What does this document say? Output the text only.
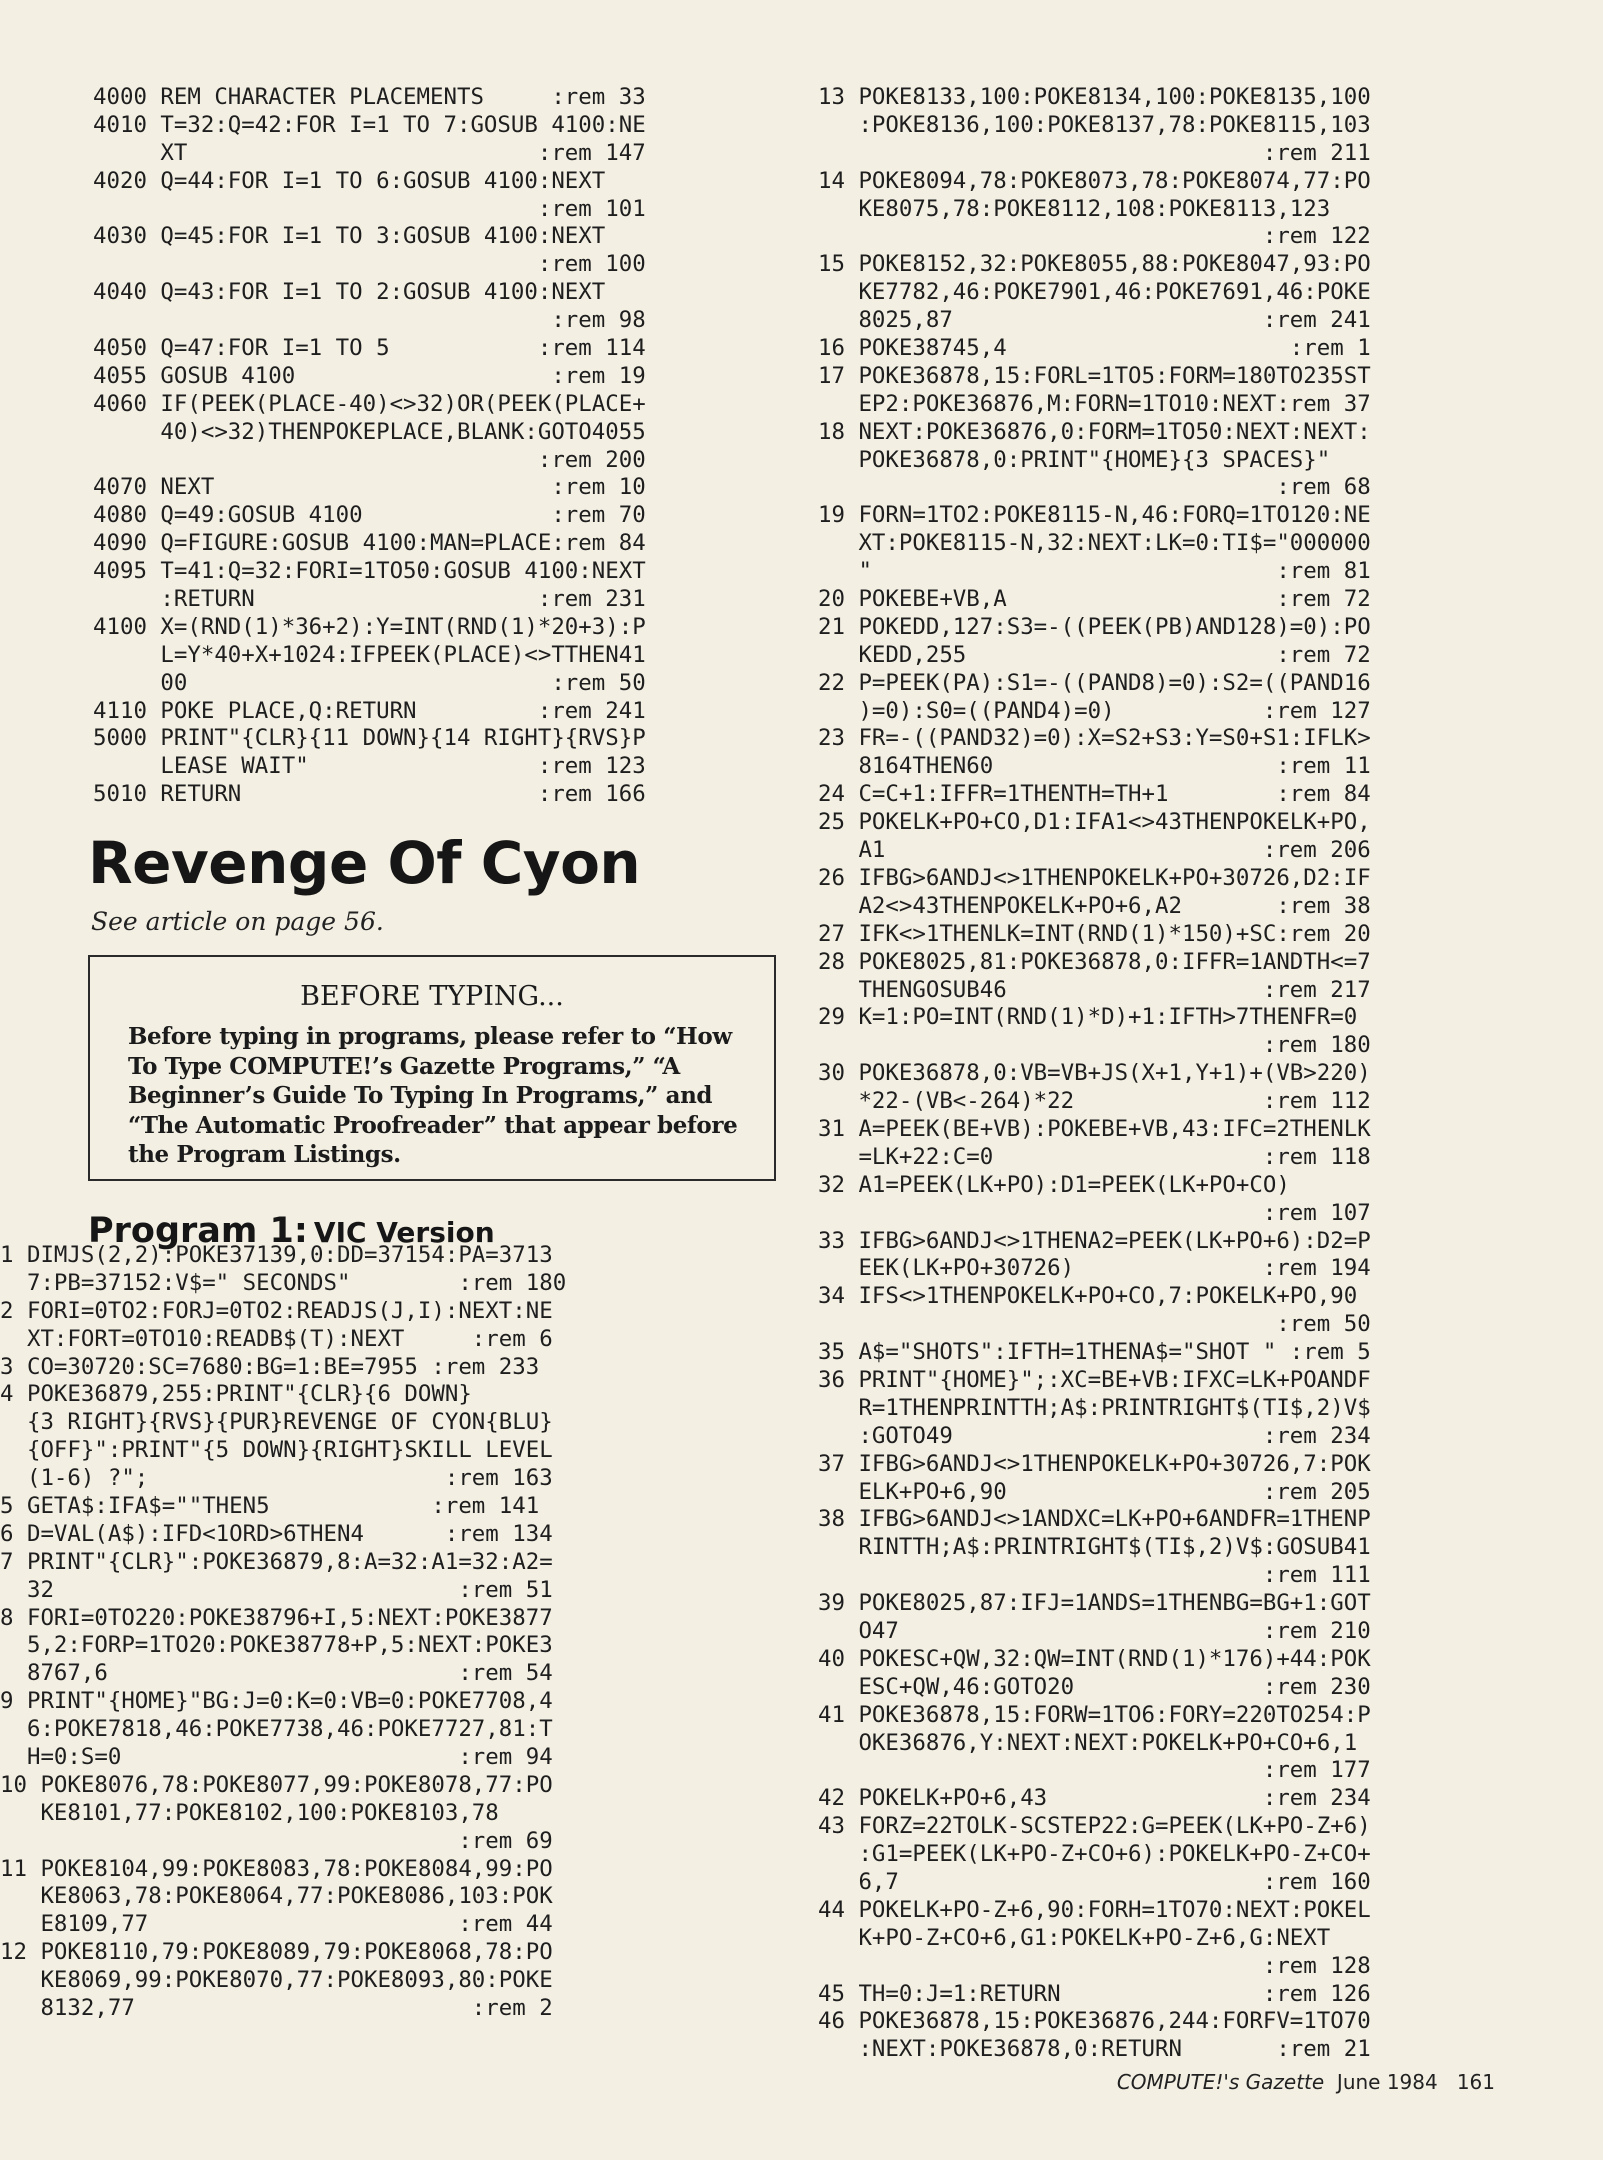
4000 REM CHARACTER PLACEMENTS     :rem 33
4010 T=32:Q=42:FOR I=1 TO 7:GOSUB 4100:NE
XT                          :rem 147
4020 Q=44:FOR I=1 TO 6:GOSUB 4100:NEXT
:rem 101
4030 Q=45:FOR I=1 TO 3:GOSUB 4100:NEXT
:rem 100
4040 Q=43:FOR I=1 TO 2:GOSUB 4100:NEXT
:rem 98
4050 Q=47:FOR I=1 TO 5           :rem 114
4055 GOSUB 4100                   :rem 19
4060 IF(PEEK(PLACE-40)<>32)OR(PEEK(PLACE+
40)<>32)THENPOKEPLACE,BLANK:GOTO4055
:rem 200
4070 NEXT                         :rem 10
4080 Q=49:GOSUB 4100              :rem 70
4090 Q=FIGURE:GOSUB 4100:MAN=PLACE:rem 84
4095 T=41:Q=32:FORI=1TO50:GOSUB 4100:NEXT
:RETURN                     :rem 231
4100 X=(RND(1)*36+2):Y=INT(RND(1)*20+3):P
L=Y*40+X+1024:IFPEEK(PLACE)<>TTHEN41
00                           :rem 50
4110 POKE PLACE,Q:RETURN         :rem 241
5000 PRINT"{CLR}{11 DOWN}{14 RIGHT}{RVS}P
LEASE WAIT"                 :rem 123
5010 RETURN                      :rem 166
Revenge Of Cyon
See article on page 56.
BEFORE TYPING...
Before typing in programs, please refer to “How To Type COMPUTE!’s Gazette Programs,” “A Beginner’s Guide To Typing In Programs,” and “The Automatic Proofreader” that appear before the Program Listings.
Program 1: VIC Version
1 DIMJS(2,2):POKE37139,0:DD=37154:PA=3713
7:PB=37152:V$=" SECONDS"        :rem 180
2 FORI=0TO2:FORJ=0TO2:READJS(J,I):NEXT:NE
XT:FORT=0TO10:READB$(T):NEXT     :rem 6
3 CO=30720:SC=7680:BG=1:BE=7955 :rem 233
4 POKE36879,255:PRINT"{CLR}{6 DOWN}
{3 RIGHT}{RVS}{PUR}REVENGE OF CYON{BLU}
{OFF}":PRINT"{5 DOWN}{RIGHT}SKILL LEVEL
(1-6) ?";                      :rem 163
5 GETA$:IFA$=""THEN5            :rem 141
6 D=VAL(A$):IFD<1ORD>6THEN4      :rem 134
7 PRINT"{CLR}":POKE36879,8:A=32:A1=32:A2=
32                              :rem 51
8 FORI=0TO220:POKE38796+I,5:NEXT:POKE3877
5,2:FORP=1TO20:POKE38778+P,5:NEXT:POKE3
8767,6                          :rem 54
9 PRINT"{HOME}"BG:J=0:K=0:VB=0:POKE7708,4
6:POKE7818,46:POKE7738,46:POKE7727,81:T
H=0:S=0                         :rem 94
10 POKE8076,78:POKE8077,99:POKE8078,77:PO
KE8101,77:POKE8102,100:POKE8103,78
:rem 69
11 POKE8104,99:POKE8083,78:POKE8084,99:PO
KE8063,78:POKE8064,77:POKE8086,103:POK
E8109,77                       :rem 44
12 POKE8110,79:POKE8089,79:POKE8068,78:PO
KE8069,99:POKE8070,77:POKE8093,80:POKE
8132,77                         :rem 2
13 POKE8133,100:POKE8134,100:POKE8135,100
:POKE8136,100:POKE8137,78:POKE8115,103
:rem 211
14 POKE8094,78:POKE8073,78:POKE8074,77:PO
KE8075,78:POKE8112,108:POKE8113,123
:rem 122
15 POKE8152,32:POKE8055,88:POKE8047,93:PO
KE7782,46:POKE7901,46:POKE7691,46:POKE
8025,87                       :rem 241
16 POKE38745,4                     :rem 1
17 POKE36878,15:FORL=1TO5:FORM=180TO235ST
EP2:POKE36876,M:FORN=1TO10:NEXT:rem 37
18 NEXT:POKE36876,0:FORM=1TO50:NEXT:NEXT:
POKE36878,0:PRINT"{HOME}{3 SPACES}"
:rem 68
19 FORN=1TO2:POKE8115-N,46:FORQ=1TO120:NE
XT:POKE8115-N,32:NEXT:LK=0:TI$="000000
"                              :rem 81
20 POKEBE+VB,A                    :rem 72
21 POKEDD,127:S3=-((PEEK(PB)AND128)=0):PO
KEDD,255                       :rem 72
22 P=PEEK(PA):S1=-((PAND8)=0):S2=((PAND16
)=0):S0=((PAND4)=0)           :rem 127
23 FR=-((PAND32)=0):X=S2+S3:Y=S0+S1:IFLK>
8164THEN60                     :rem 11
24 C=C+1:IFFR=1THENTH=TH+1        :rem 84
25 POKELK+PO+CO,D1:IFA1<>43THENPOKELK+PO,
A1                            :rem 206
26 IFBG>6ANDJ<>1THENPOKELK+PO+30726,D2:IF
A2<>43THENPOKELK+PO+6,A2       :rem 38
27 IFK<>1THENLK=INT(RND(1)*150)+SC:rem 20
28 POKE8025,81:POKE36878,0:IFFR=1ANDTH<=7
THENGOSUB46                   :rem 217
29 K=1:PO=INT(RND(1)*D)+1:IFTH>7THENFR=0
:rem 180
30 POKE36878,0:VB=VB+JS(X+1,Y+1)+(VB>220)
*22-(VB<-264)*22              :rem 112
31 A=PEEK(BE+VB):POKEBE+VB,43:IFC=2THENLK
=LK+22:C=0                    :rem 118
32 A1=PEEK(LK+PO):D1=PEEK(LK+PO+CO)
:rem 107
33 IFBG>6ANDJ<>1THENA2=PEEK(LK+PO+6):D2=P
EEK(LK+PO+30726)              :rem 194
34 IFS<>1THENPOKELK+PO+CO,7:POKELK+PO,90
:rem 50
35 A$="SHOTS":IFTH=1THENA$="SHOT " :rem 5
36 PRINT"{HOME}";:XC=BE+VB:IFXC=LK+POANDF
R=1THENPRINTTH;A$:PRINTRIGHT$(TI$,2)V$
:GOTO49                       :rem 234
37 IFBG>6ANDJ<>1THENPOKELK+PO+30726,7:POK
ELK+PO+6,90                   :rem 205
38 IFBG>6ANDJ<>1ANDXC=LK+PO+6ANDFR=1THENP
RINTTH;A$:PRINTRIGHT$(TI$,2)V$:GOSUB41
:rem 111
39 POKE8025,87:IFJ=1ANDS=1THENBG=BG+1:GOT
O47                           :rem 210
40 POKESC+QW,32:QW=INT(RND(1)*176)+44:POK
ESC+QW,46:GOTO20              :rem 230
41 POKE36878,15:FORW=1TO6:FORY=220TO254:P
OKE36876,Y:NEXT:NEXT:POKELK+PO+CO+6,1
:rem 177
42 POKELK+PO+6,43                :rem 234
43 FORZ=22TOLK-SCSTEP22:G=PEEK(LK+PO-Z+6)
:G1=PEEK(LK+PO-Z+CO+6):POKELK+PO-Z+CO+
6,7                           :rem 160
44 POKELK+PO-Z+6,90:FORH=1TO70:NEXT:POKEL
K+PO-Z+CO+6,G1:POKELK+PO-Z+6,G:NEXT
:rem 128
45 TH=0:J=1:RETURN               :rem 126
46 POKE36878,15:POKE36876,244:FORFV=1TO70
:NEXT:POKE36878,0:RETURN       :rem 21
COMPUTE!'s Gazette June 1984 161
